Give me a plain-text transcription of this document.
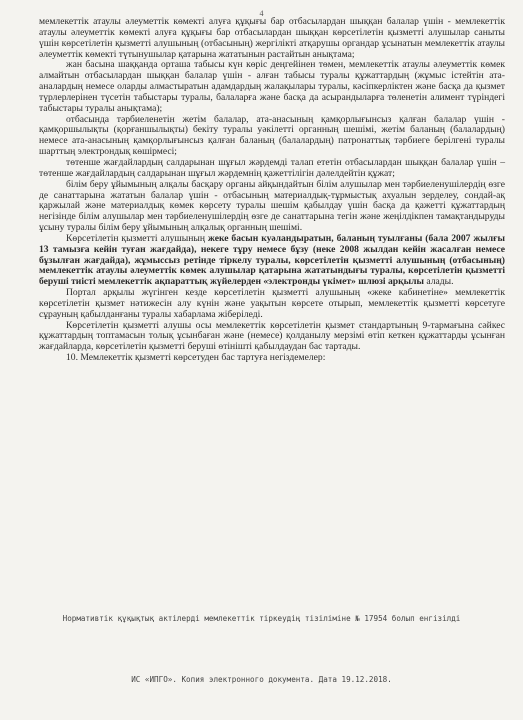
4

мемлекеттік атаулы әлеуметтік көмекті алуға құқығы бар отбасылардан шыққан балалар үшін - мемлекеттік атаулы әлеуметтік көмекті алуға құқығы бар отбасылардан шыққан көрсетілетін қызметті алушылар саныты үшін көрсетілетін қызметті алушының (отбасының) жергілікті атқарушы органдар ұсынатын мемлекеттік атаулы әлеуметтік көмекті түтынушылар қатарына жататынын растайтын анықтама;

жан басына шаққанда орташа табысы күн көріс деңгейінен төмен, мемлекеттік атаулы әлеуметтік көмек алмайтын отбасылардан шыққан балалар үшін - алған табысы туралы құжаттардың (жұмыс істейтін ата-аналардың немесе оларды алмастыратын адамдардың жалақылары туралы, кәсіпкерліктен және басқа да қызмет түрлерлерінен түсетін табыстары туралы, балаларға және басқа да асырандыларға төленетін алимент түріндегі табыстары туралы анықтама);

отбасында тәрбиеленетін жетім балалар, ата-анасының қамқорлығынсыз қалған балалар үшін - қамқоршылықты (қорғаншылықты) бекіту туралы уәкілетті органның шешімі, жетім баланың (балалардың) немесе ата-анасының қамқорлығынсыз қалған баланың (балалардың) патронаттық тәрбиеге берілгені туралы шарттың электрондық көшірмесі;

төтенше жағдайлардың салдарынан шұғыл жәрдемді талап ететін отбасылардан шыққан балалар үшін – төтенше жағдайлардың салдарынан шұғыл жәрдемнің қажеттілігін дәлелдейтін құжат;

білім беру ұйымының алқалы басқару органы айқындайтын білім алушылар мен тәрбиеленушілердің өзге де санаттарына жататын балалар үшін - отбасының материалдық-тұрмыстық ахуалын зерделеу, сондай-ақ қаржылай және материалдық көмек көрсету туралы шешім қабылдау үшін басқа да қажетті құжаттардың негізінде білім алушылар мен тәрбиеленушілердің өзге де санаттарына тегін және жеңілдікпен тамақтандыруды ұсыну туралы білім беру ұйымының алқалық органның шешімі.

Көрсетілетін қызметті алушының жеке басын куәландыратын, баланың туылғаны (бала 2007 жылғы 13 тамызға кейін туған жағдайда), некеге тұру немесе бұзу (неке 2008 жылдан кейін жасалған немесе бұзылған жағдайда), жұмыссыз ретінде тіркелу туралы, көрсетілетін қызметті алушының (отбасының) мемлекеттік атаулы әлеуметтік көмек алушылар қатарына жататындығы туралы, көрсетілетін қызметті беруші тиісті мемлекеттік ақпараттық жүйелерден «электронды үкімет» шлюзі арқылы алады.

Портал арқылы жүгінген кезде көрсетілетін қызметті алушының «жеке кабинетіне» мемлекеттік көрсетілетін қызмет нәтижесін алу күнін және уақытын көрсете отырып, мемлекеттік қызметті көрсетуге сұрауның қабылданғаны туралы хабарлама жіберіледі.

Көрсетілетін қызметті алушы осы мемлекеттік көрсетілетін қызмет стандартының 9-тармағына сәйкес құжаттардың топтамасын толық ұсынбаған және (немесе) қолданылу мерзімі өтіп кеткен құжаттарды ұсынған жағдайларда, көрсетілетін қызметті беруші өтінішті қабылдаудан бас тартады.

10. Мемлекеттік қызметті көрсетуден бас тартуға негіздемелер:

Нормативтік құқықтық актілерді мемлекеттік тіркеудің тізіліміне № 17954 болып енгізілді
ИС «ИПГО». Копия электронного документа. Дата 19.12.2018.
